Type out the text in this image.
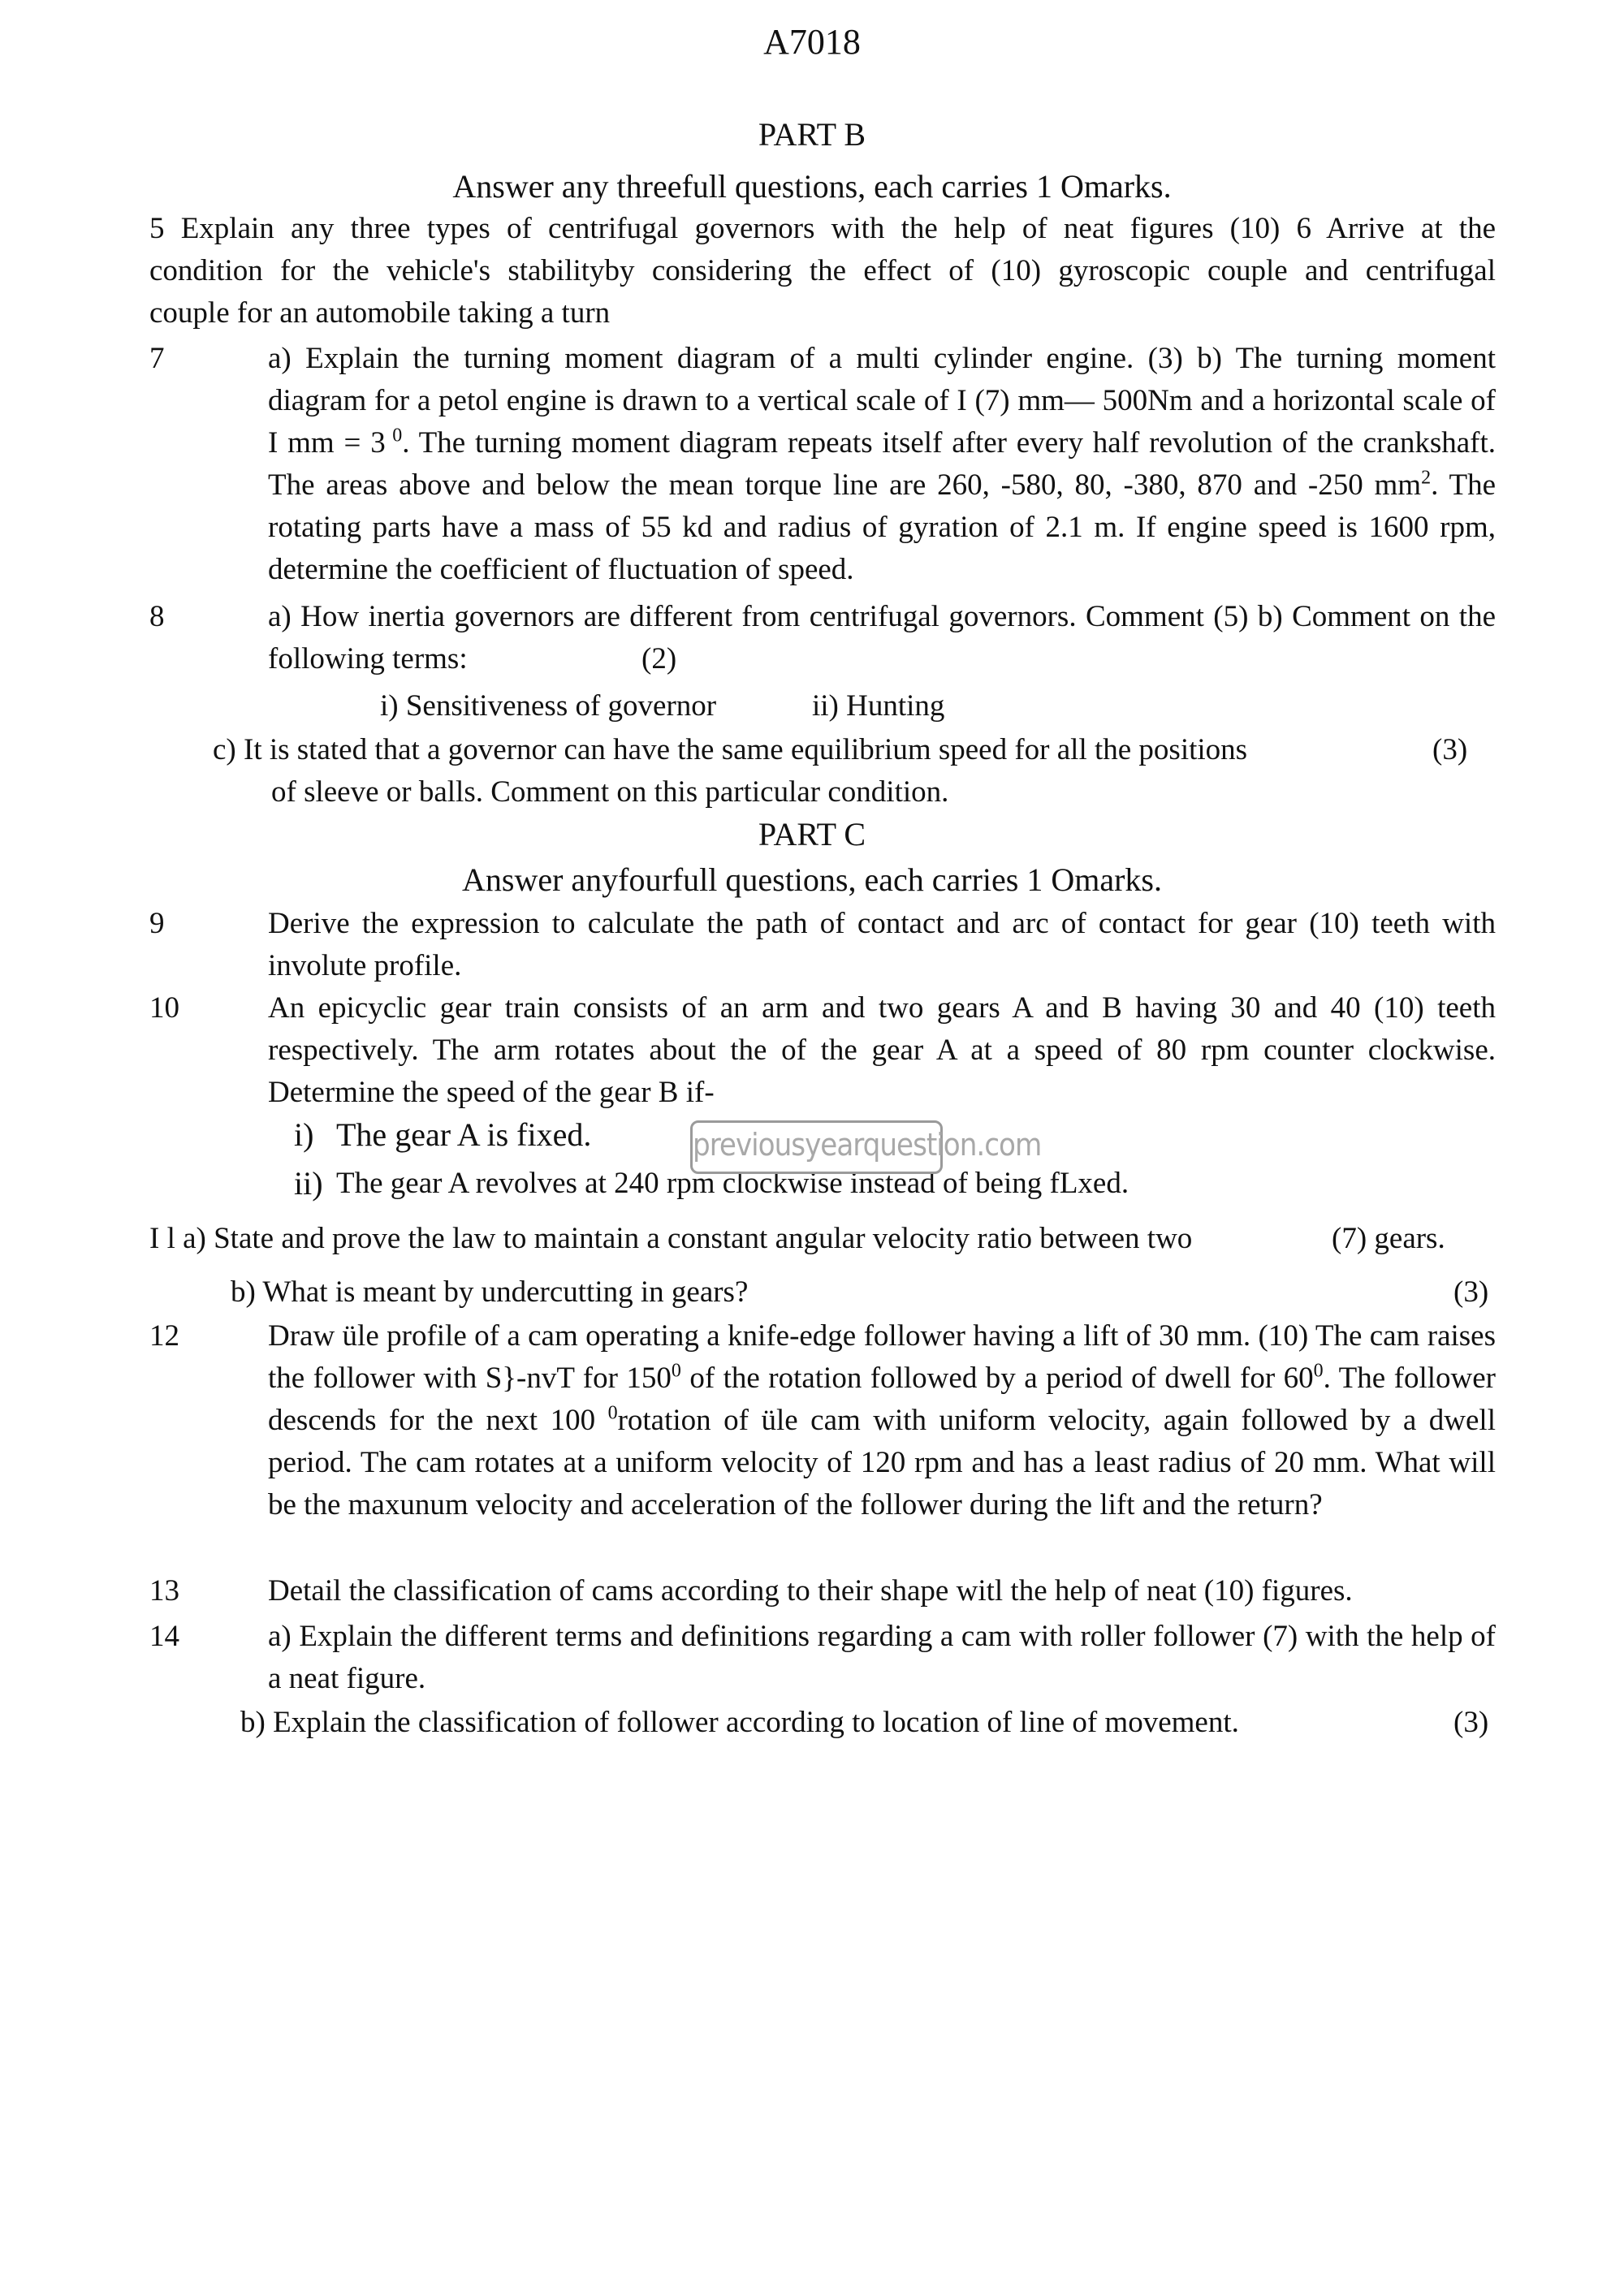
A7018
PART B
Answer any threefull questions, each carries 1 Omarks.
5 Explain any three types of centrifugal governors with the help of neat figures (10) 6 Arrive at the
condition for the vehicle's stabilityby considering the effect of (10) gyroscopic couple and centrifugal
couple for an automobile taking a turn
7	a) Explain the turning moment diagram of a multi cylinder engine. (3) b) The turning moment diagram for a petol engine is drawn to a vertical scale of I (7) mm— 500Nm and a horizontal scale of I mm = 3 $^0$. The turning moment diagram repeats itself after every half revolution of the crankshaft. The areas above and below the mean torque line are 260, -580, 80, -380, 870 and -250 $mm^2$. The rotating parts have a mass of 55 kd and radius of gyration of 2.1 m. If engine speed is 1600 rpm, determine the coefficient of fluctuation of speed.
8	a) How inertia governors are different from centrifugal governors. Comment (5) b) Comment on the following terms:	(2)
i) Sensitiveness of governor	ii) Hunting
c) It is stated that a governor can have the same equilibrium speed for all the positions	(3)
of sleeve or balls. Comment on this particular condition.
PART C
Answer anyfourfull questions, each carries 1 Omarks.
9	Derive the expression to calculate the path of contact and arc of contact for gear (10) teeth with involute profile.
10	An epicyclic gear train consists of an arm and two gears A and B having 30 and 40 (10) teeth respectively. The arm rotates about the of the gear A at a speed of 80 rpm counter clockwise. Determine the speed of the gear B if-
i) The gear A is fixed.
ii) The gear A revolves at 240 rpm clockwise instead of being fLxed.
previousyearquestion.com
I l a) State and prove the law to maintain a constant angular velocity ratio between two	(7) gears.
b) What is meant by undercutting in gears?	(3)
12	Draw üle profile of a cam operating a knife-edge follower having a lift of 30 mm. (10) The cam raises the follower with S}-nvT for $150^0$ of the rotation followed by a period of dwell for $60^0$. The follower descends for the next 100 $^0$rotation of üle cam with uniform velocity, again followed by a dwell period. The cam rotates at a uniform velocity of 120 rpm and has a least radius of 20 mm. What will be the maxunum velocity and acceleration of the follower during the lift and the return?
13	Detail the classification of cams according to their shape witl the help of neat (10) figures.
14	a) Explain the different terms and definitions regarding a cam with roller follower (7) with the help of a neat figure.
b) Explain the classification of follower according to location of line of movement.	(3)
